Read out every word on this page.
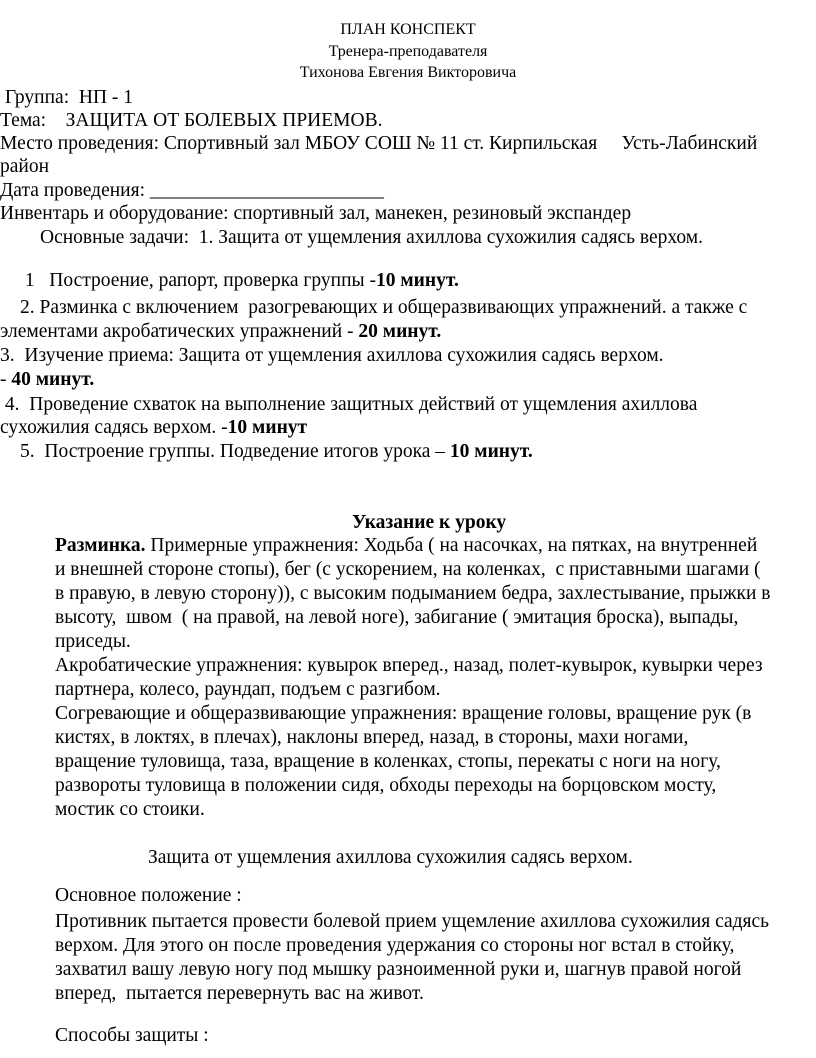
ПЛАН КОНСПЕКТ
Тренера-преподавателя
Тихонова Евгения Викторовича
Группа:  НП - 1
Тема:    ЗАЩИТА ОТ БОЛЕВЫХ ПРИЕМОВ.
Место проведения: Спортивный зал МБОУ СОШ № 11 ст. Кирпильская     Усть-Лабинский
район
Дата проведения: ________________________
Инвентарь и оборудование: спортивный зал, манекен, резиновый экспандер
Основные задачи:  1. Защита от ущемления ахиллова сухожилия садясь верхом.
1   Построение, рапорт, проверка группы -10 минут.
2. Разминка с включением  разогревающих и общеразвивающих упражнений. а также с
элементами акробатических упражнений - 20 минут.
3.  Изучение приема: Защита от ущемления ахиллова сухожилия садясь верхом.
- 40 минут.
4.  Проведение схваток на выполнение защитных действий от ущемления ахиллова
сухожилия садясь верхом. -10 минут
5.  Построение группы. Подведение итогов урока – 10 минут.
Указание к уроку
Разминка. Примерные упражнения: Ходьба ( на насочках, на пятках, на внутренней
и внешней стороне стопы), бег (с ускорением, на коленках,  с приставными шагами (
в правую, в левую сторону)), с высоким подыманием бедра, захлестывание, прыжки в
высоту,  швом  ( на правой, на левой ноге), забигание ( эмитация броска), выпады,
приседы.
Акробатические упражнения: кувырок вперед., назад, полет-кувырок, кувырки через
партнера, колесо, раундап, подъем с разгибом.
Согревающие и общеразвивающие упражнения: вращение головы, вращение рук (в
кистях, в локтях, в плечах), наклоны вперед, назад, в стороны, махи ногами,
вращение туловища, таза, вращение в коленках, стопы, перекаты с ноги на ногу,
развороты туловища в положении сидя, обходы переходы на борцовском мосту,
мостик со стоики.
Защита от ущемления ахиллова сухожилия садясь верхом.
Основное положение :
Противник пытается провести болевой прием ущемление ахиллова сухожилия садясь
верхом. Для этого он после проведения удержания со стороны ног встал в стойку,
захватил вашу левую ногу под мышку разноименной руки и, шагнув правой ногой
вперед,  пытается перевернуть вас на живот.
Способы защиты :
